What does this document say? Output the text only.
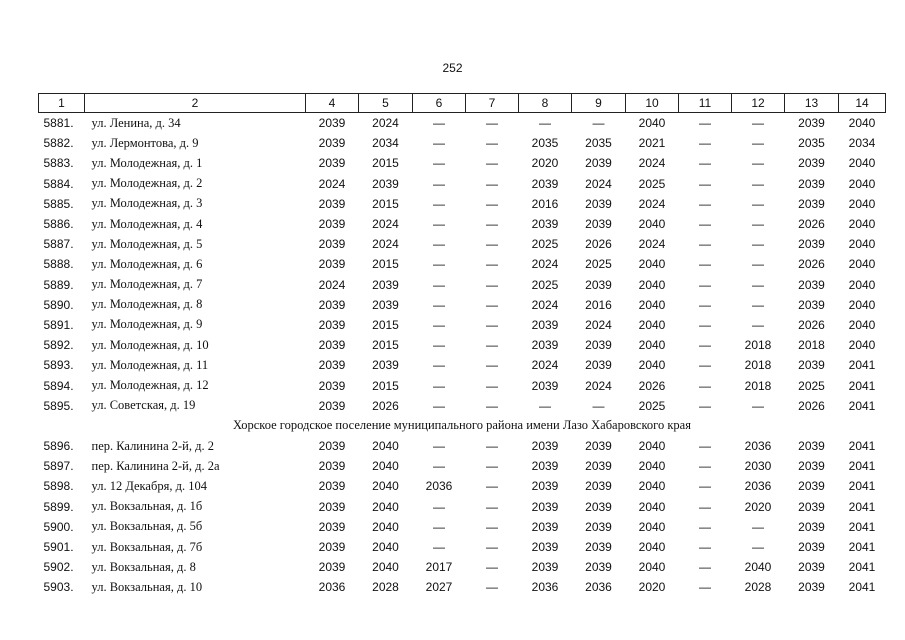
252
1	2	4	5	6	7	8	9	10	11	12	13	14
5881.	ул. Ленина, д. 34	2039	2024	—	—	—	—	2040	—	—	2039	2040
5882.	ул. Лермонтова, д. 9	2039	2034	—	—	2035	2035	2021	—	—	2035	2034
5883.	ул. Молодежная, д. 1	2039	2015	—	—	2020	2039	2024	—	—	2039	2040
5884.	ул. Молодежная, д. 2	2024	2039	—	—	2039	2024	2025	—	—	2039	2040
5885.	ул. Молодежная, д. 3	2039	2015	—	—	2016	2039	2024	—	—	2039	2040
5886.	ул. Молодежная, д. 4	2039	2024	—	—	2039	2039	2040	—	—	2026	2040
5887.	ул. Молодежная, д. 5	2039	2024	—	—	2025	2026	2024	—	—	2039	2040
5888.	ул. Молодежная, д. 6	2039	2015	—	—	2024	2025	2040	—	—	2026	2040
5889.	ул. Молодежная, д. 7	2024	2039	—	—	2025	2039	2040	—	—	2039	2040
5890.	ул. Молодежная, д. 8	2039	2039	—	—	2024	2016	2040	—	—	2039	2040
5891.	ул. Молодежная, д. 9	2039	2015	—	—	2039	2024	2040	—	—	2026	2040
5892.	ул. Молодежная, д. 10	2039	2015	—	—	2039	2039	2040	—	2018	2018	2040
5893.	ул. Молодежная, д. 11	2039	2039	—	—	2024	2039	2040	—	2018	2039	2041
5894.	ул. Молодежная, д. 12	2039	2015	—	—	2039	2024	2026	—	2018	2025	2041
5895.	ул. Советская, д. 19	2039	2026	—	—	—	—	2025	—	—	2026	2041
Хорское городское поселение муниципального района имени Лазо Хабаровского края												
5896.	пер. Калинина 2-й, д. 2	2039	2040	—	—	2039	2039	2040	—	2036	2039	2041
5897.	пер. Калинина 2-й, д. 2а	2039	2040	—	—	2039	2039	2040	—	2030	2039	2041
5898.	ул. 12 Декабря, д. 104	2039	2040	2036	—	2039	2039	2040	—	2036	2039	2041
5899.	ул. Вокзальная, д. 1б	2039	2040	—	—	2039	2039	2040	—	2020	2039	2041
5900.	ул. Вокзальная, д. 5б	2039	2040	—	—	2039	2039	2040	—	—	2039	2041
5901.	ул. Вокзальная, д. 7б	2039	2040	—	—	2039	2039	2040	—	—	2039	2041
5902.	ул. Вокзальная, д. 8	2039	2040	2017	—	2039	2039	2040	—	2040	2039	2041
5903.	ул. Вокзальная, д. 10	2036	2028	2027	—	2036	2036	2020	—	2028	2039	2041
